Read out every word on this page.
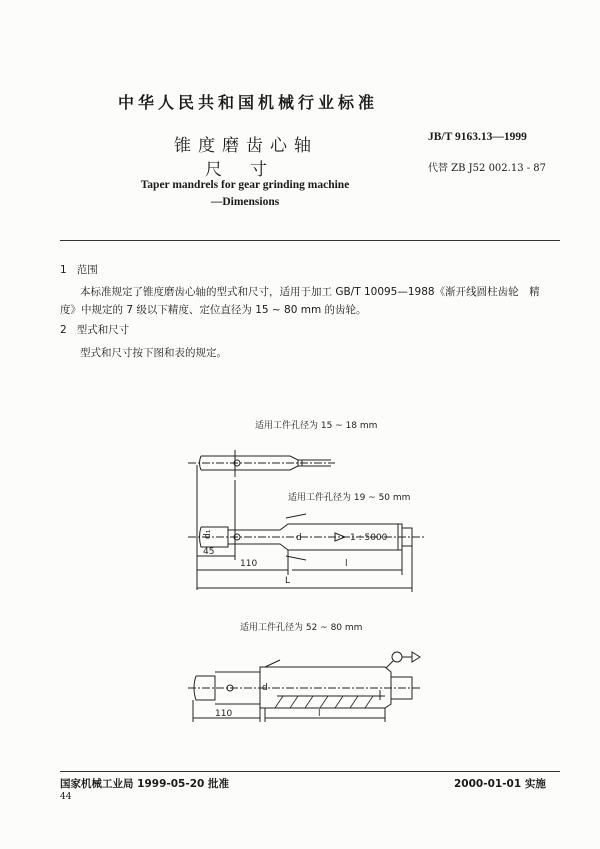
中华人民共和国机械行业标准
锥度磨齿心轴
尺寸
Taper mandrels for gear grinding machine
—Dimensions
JB/T 9163.13—1999
代替 ZB J52 002.13 - 87
1 范围
本标准规定了锥度磨齿心轴的型式和尺寸，适用于加工 GB/T 10095—1988《渐开线圆柱齿轮　精
度》中规定的 7 级以下精度、定位直径为 15 ~ 80 mm 的齿轮。
2 型式和尺寸
型式和尺寸按下图和表的规定。
适用工件孔径为 15 ~ 18 mm
适用工件孔径为 19 ~ 50 mm
d₁	d	1 : 5000
45
110	l
L
适用工件孔径为 52 ~ 80 mm
d
110	l
国家机械工业局 1999-05-20 批准	2000-01-01 实施
44
